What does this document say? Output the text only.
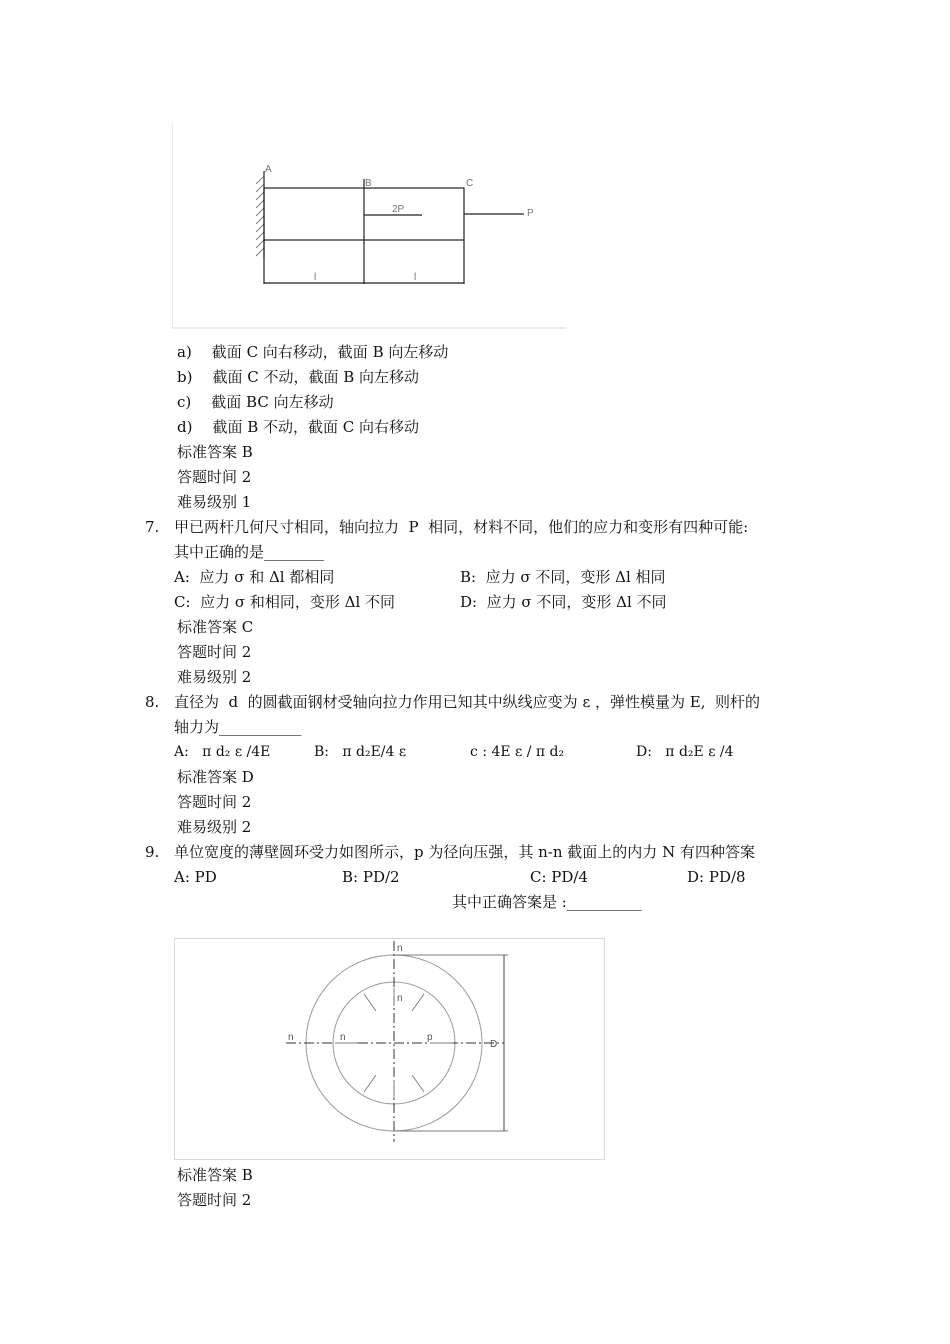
A
B	C
2P	P
l	l
a) 截面 C 向右移动，截面 B 向左移动
b) 截面 C 不动，截面 B 向左移动
c) 截面 BC 向左移动
d) 截面 B 不动，截面 C 向右移动
标准答案 B
答题时间 2
难易级别 1
7. 甲已两杆几何尺寸相同，轴向拉力  P  相同，材料不同，他们的应力和变形有四种可能:
其中正确的是________
A:  应力 σ 和 Δl 都相同	B:  应力 σ 不同，变形 Δl 相同
C:  应力 σ 和相同，变形 Δl 不同	D:  应力 σ 不同，变形 Δl 不同
标准答案 C
答题时间 2
难易级别 2
8. 直径为  d  的圆截面钢材受轴向拉力作用已知其中纵线应变为 ε ，弹性模量为 E,  则杆的
轴力为___________
A:   π d₂ ε /4E	B:   π d₂E/4 ε	c : 4E ε / π d₂	D:   π d₂E ε /4
标准答案 D
答题时间 2
难易级别 2
9. 单位宽度的薄壁圆环受力如图所示，p 为径向压强，其 n-n 截面上的内力 N 有四种答案
A: PD	B: PD/2	C: PD/4	D: PD/8
其中正确答案是 :__________
n
n
n	n	p
D
标准答案 B
答题时间 2
